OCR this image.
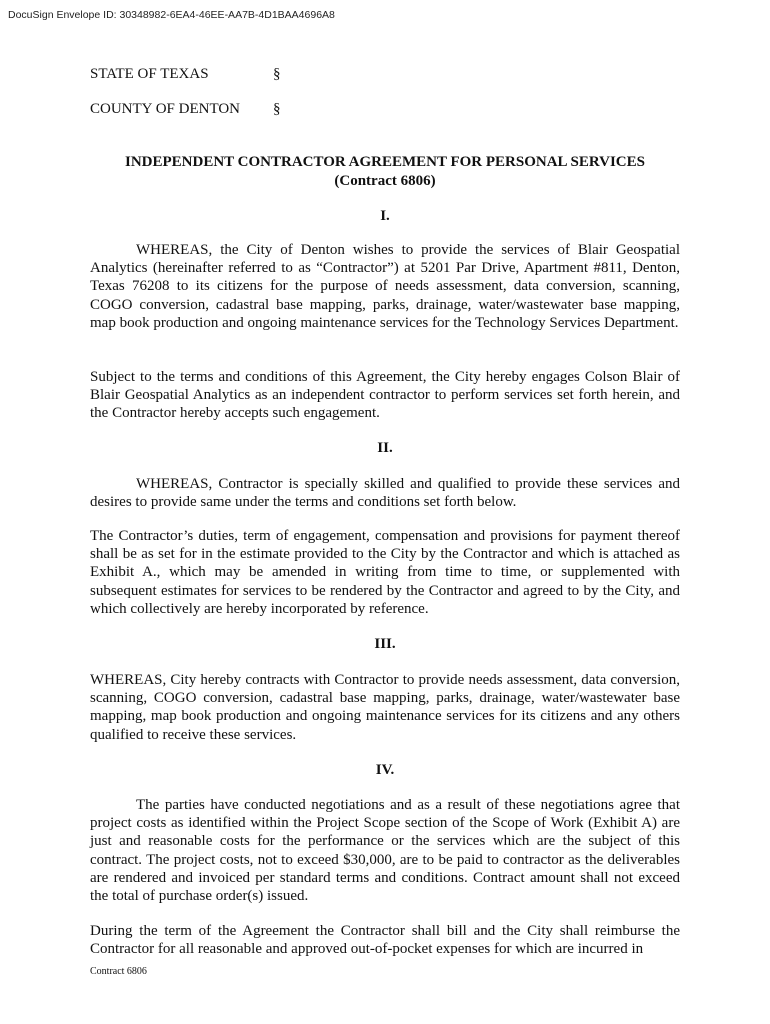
DocuSign Envelope ID: 30348982-6EA4-46EE-AA7B-4D1BAA4696A8
STATE OF TEXAS	§
COUNTY OF DENTON §
INDEPENDENT CONTRACTOR AGREEMENT FOR PERSONAL SERVICES
(Contract 6806)
I.

WHEREAS, the City of Denton wishes to provide the services of Blair Geospatial Analytics (hereinafter referred to as “Contractor”) at 5201 Par Drive, Apartment #811, Denton, Texas 76208 to its citizens for the purpose of needs assessment, data conversion, scanning, COGO conversion, cadastral base mapping, parks, drainage, water/wastewater base mapping, map book production and ongoing maintenance services for the Technology Services Department.

Subject to the terms and conditions of this Agreement, the City hereby engages Colson Blair of Blair Geospatial Analytics as an independent contractor to perform services set forth herein, and the Contractor hereby accepts such engagement.

II.

WHEREAS, Contractor is specially skilled and qualified to provide these services and desires to provide same under the terms and conditions set forth below.

The Contractor’s duties, term of engagement, compensation and provisions for payment thereof shall be as set for in the estimate provided to the City by the Contractor and which is attached as Exhibit A., which may be amended in writing from time to time, or supplemented with subsequent estimates for services to be rendered by the Contractor and agreed to by the City, and which collectively are hereby incorporated by reference.

III.

WHEREAS, City hereby contracts with Contractor to provide needs assessment, data conversion, scanning, COGO conversion, cadastral base mapping, parks, drainage, water/wastewater base mapping, map book production and ongoing maintenance services for its citizens and any others qualified to receive these services.

IV.

The parties have conducted negotiations and as a result of these negotiations agree that project costs as identified within the Project Scope section of the Scope of Work (Exhibit A) are just and reasonable costs for the performance or the services which are the subject of this contract. The project costs, not to exceed $30,000, are to be paid to contractor as the deliverables are rendered and invoiced per standard terms and conditions. Contract amount shall not exceed the total of purchase order(s) issued.

During the term of the Agreement the Contractor shall bill and the City shall reimburse the Contractor for all reasonable and approved out-of-pocket expenses for which are incurred in

Contract 6806
